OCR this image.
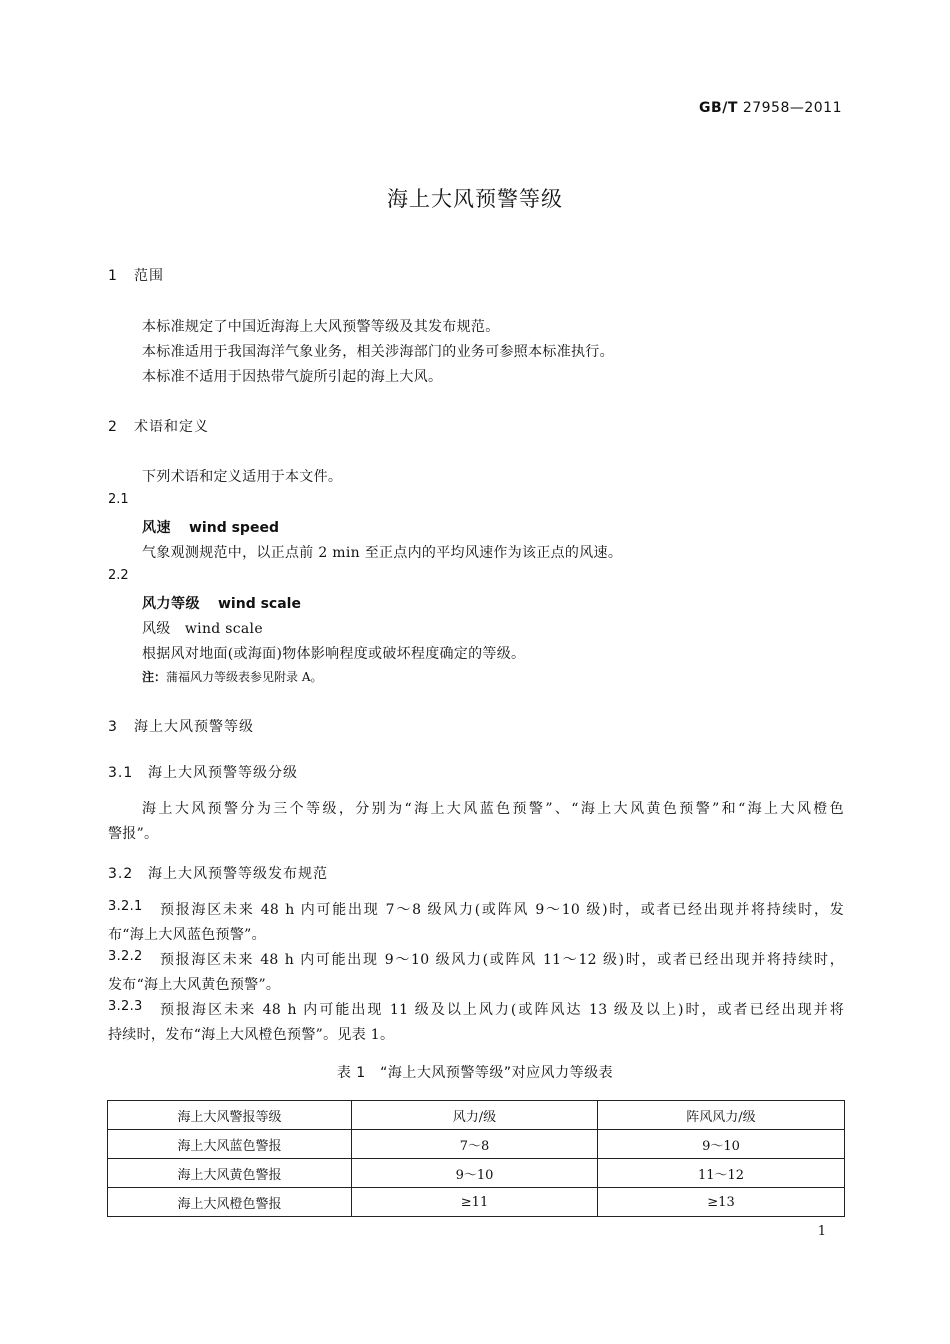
GB/T 27958—2011
海上大风预警等级
1 范围
本标准规定了中国近海海上大风预警等级及其发布规范。
本标准适用于我国海洋气象业务，相关涉海部门的业务可参照本标准执行。
本标准不适用于因热带气旋所引起的海上大风。
2 术语和定义
下列术语和定义适用于本文件。
2.1
风速 wind speed
气象观测规范中，以正点前 2 min 至正点内的平均风速作为该正点的风速。
2.2
风力等级 wind scale
风级　wind scale
根据风对地面(或海面)物体影响程度或破坏程度确定的等级。
注：蒲福风力等级表参见附录 A。
3 海上大风预警等级
3.1 海上大风预警等级分级
海上大风预警分为三个等级，分别为“海上大风蓝色预警”、“海上大风黄色预警”和“海上大风橙色
警报”。
3.2 海上大风预警等级发布规范
3.2.1	预报海区未来 48 h 内可能出现 7～8 级风力(或阵风 9～10 级)时，或者已经出现并将持续时，发
布“海上大风蓝色预警”。
3.2.2	预报海区未来 48 h 内可能出现 9～10 级风力(或阵风 11～12 级)时，或者已经出现并将持续时，
发布“海上大风黄色预警”。
3.2.3	预报海区未来 48 h 内可能出现 11 级及以上风力(或阵风达 13 级及以上)时，或者已经出现并将
持续时，发布“海上大风橙色预警”。见表 1。
表 1　“海上大风预警等级”对应风力等级表
海上大风警报等级	风力/级	阵风风力/级
海上大风蓝色警报	7～8	9～10
海上大风黄色警报	9～10	11～12
海上大风橙色警报	≥11	≥13
1
